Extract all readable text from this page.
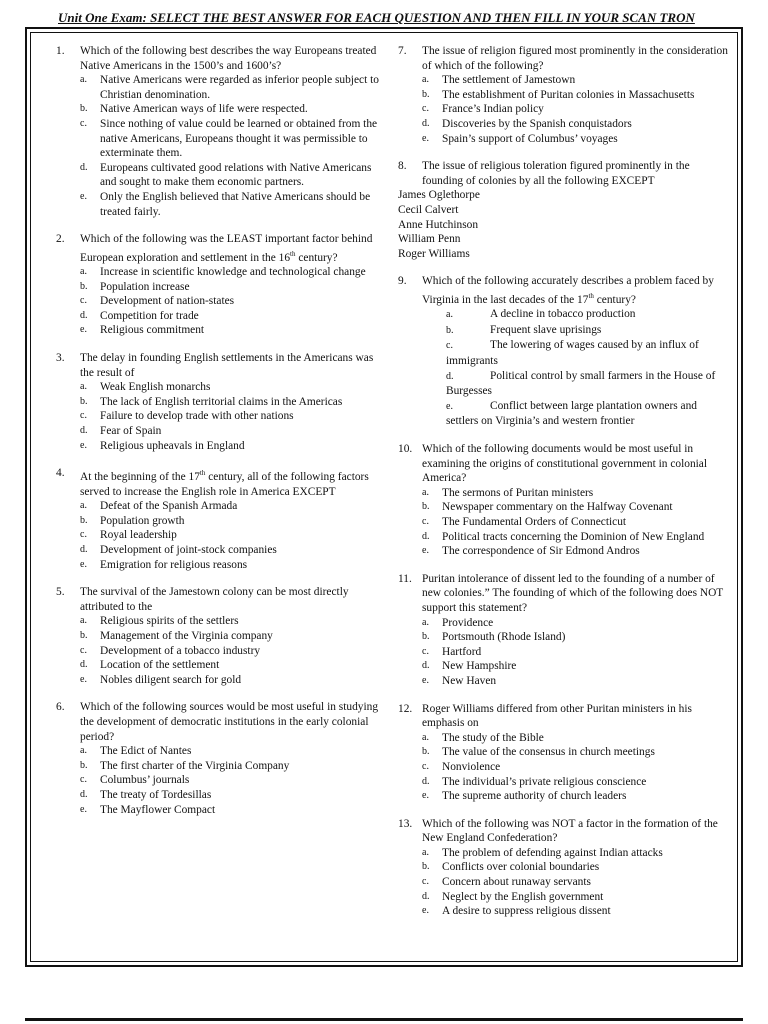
Unit One Exam: SELECT THE BEST ANSWER FOR EACH QUESTION AND THEN FILL IN YOUR SCAN TRON
1.	Which of the following best describes the way Europeans treated Native Americans in the 1500’s and 1600’s?
a.	Native Americans were regarded as inferior people subject to Christian denomination.
b.	Native American ways of life were respected.
c.	Since nothing of value could be learned or obtained from the native Americans, Europeans thought it was permissible to exterminate them.
d.	Europeans cultivated good relations with Native Americans and sought to make them economic partners.
e.	Only the English believed that Native Americans should be treated fairly.
2.	Which of the following was the LEAST important factor behind European exploration and settlement in the 16th century?
a.	Increase in scientific knowledge and technological change
b.	Population increase
c.	Development of nation-states
d.	Competition for trade
e.	Religious commitment
3.	The delay in founding English settlements in the Americans was the result of
a.	Weak English monarchs
b.	The lack of English territorial claims in the Americas
c.	Failure to develop trade with other nations
d.	Fear of Spain
e.	Religious upheavals in England
4.	At the beginning of the 17th century, all of the following factors served to increase the English role in America EXCEPT
a.	Defeat of the Spanish Armada
b.	Population growth
c.	Royal leadership
d.	Development of joint-stock companies
e.	Emigration for religious reasons
5.	The survival of the Jamestown colony can be most directly attributed to the
a.	Religious spirits of the settlers
b.	Management of the Virginia company
c.	Development of a tobacco industry
d.	Location of the settlement
e.	Nobles diligent search for gold
6.	Which of the following sources would be most useful in studying the development of democratic institutions in the early colonial period?
a.	The Edict of Nantes
b.	The first charter of the Virginia Company
c.	Columbus’ journals
d.	The treaty of Tordesillas
e.	The Mayflower Compact
7.	The issue of religion figured most prominently in the consideration of which of the following?
a.	The settlement of Jamestown
b.	The establishment of Puritan colonies in Massachusetts
c.	France’s Indian policy
d.	Discoveries by the Spanish conquistadors
e.	Spain’s support of Columbus’ voyages
8.	The issue of religious toleration figured prominently in the founding of colonies by all the following EXCEPT
James Oglethorpe
Cecil Calvert
Anne Hutchinson
William Penn
Roger Williams
9.	Which of the following accurately describes a problem faced by Virginia in the last decades of the 17th century?
a.	A decline in tobacco production
b.	Frequent slave uprisings
c.	The lowering of wages caused by an influx of immigrants
d.	Political control by small farmers in the House of Burgesses
e.	Conflict between large plantation owners and settlers on Virginia’s and western frontier
10. Which of the following documents would be most useful in examining the origins of constitutional government in colonial America?
a.	The sermons of Puritan ministers
b.	Newspaper commentary on the Halfway Covenant
c.	The Fundamental Orders of Connecticut
d.	Political tracts concerning the Dominion of New England
e.	The correspondence of Sir Edmond Andros
11. Puritan intolerance of dissent led to the founding of a number of new colonies.” The founding of which of the following does NOT support this statement?
a.	Providence
b.	Portsmouth (Rhode Island)
c.	Hartford
d.	New Hampshire
e.	New Haven
12. Roger Williams differed from other Puritan ministers in his emphasis on
a.	The study of the Bible
b.	The value of the consensus in church meetings
c.	Nonviolence
d.	The individual’s private religious conscience
e.	The supreme authority of church leaders
13. Which of the following was NOT a factor in the formation of the New England Confederation?
a.	The problem of defending against Indian attacks
b.	Conflicts over colonial boundaries
c.	Concern about runaway servants
d.	Neglect by the English government
e.	A desire to suppress religious dissent
